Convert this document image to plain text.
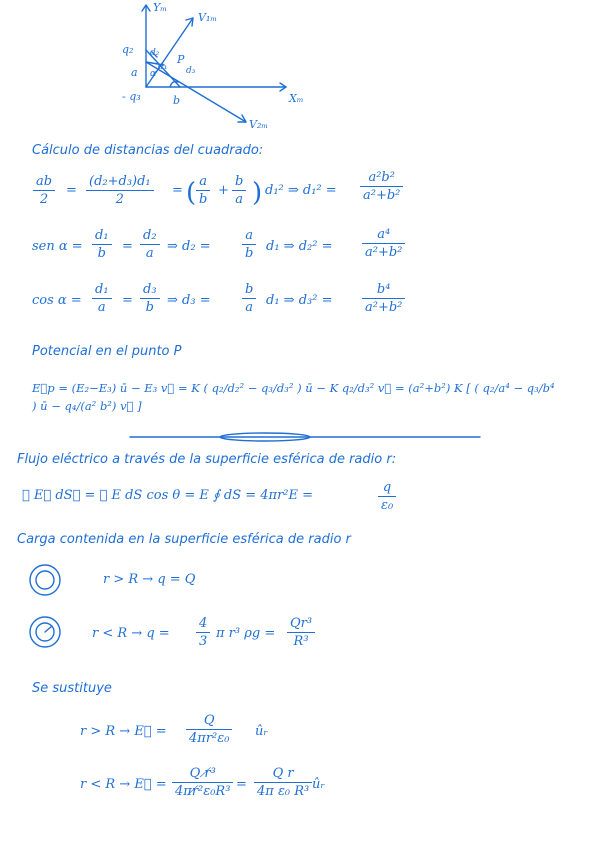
Yₘ
Xₘ
V₁ₘ
V₂ₘ
q₂
- q₃
a
b
P
d₁
d₂
d₃
α
Cálculo de distancias del cuadrado:
ab
2
=
(d₂+d₃)d₁
2
= ( a
b
+
b
a ) d₁² ⇒ d₁² =
a²b²
a²+b²
sen α =
d₁
b =
d₂
a ⇒ d₂ =
a
b d₁ ⇒ d₂² =
a⁴
a²+b²
cos α =
d₁
a =
d₃
b ⇒ d₃ =
b
a d₁ ⇒ d₃² =
b⁴
a²+b²
Potencial en el punto P
E⃗p = (E₂−E₃) ū − E₃ v⃗ = K ( q₂/d₂² − q₃/d₃² ) ū − K q₂/d₃² v⃗ = (a²+b²) K [ ( q₂/a⁴ − q₃/b⁴ ) ū − q₄/(a² b²) v⃗ ]
Flujo eléctrico a través de la superficie esférica de radio r:
∮ E⃗ dS⃗ = ∮ E dS cos θ = E ∮ dS = 4πr²E =
q
ε₀
Carga contenida en la superficie esférica de radio r
r > R → q = Q
r < R → q =
4
3
π r³ ρg =
Qr³
R³
Se sustituye
r > R → E⃗ =
Q
4πr²ε₀ ûᵣ
r < R → E⃗ =
Q r̸³
4πr̸²ε₀R³ =
Q r
4π ε₀ R³ ûᵣ
